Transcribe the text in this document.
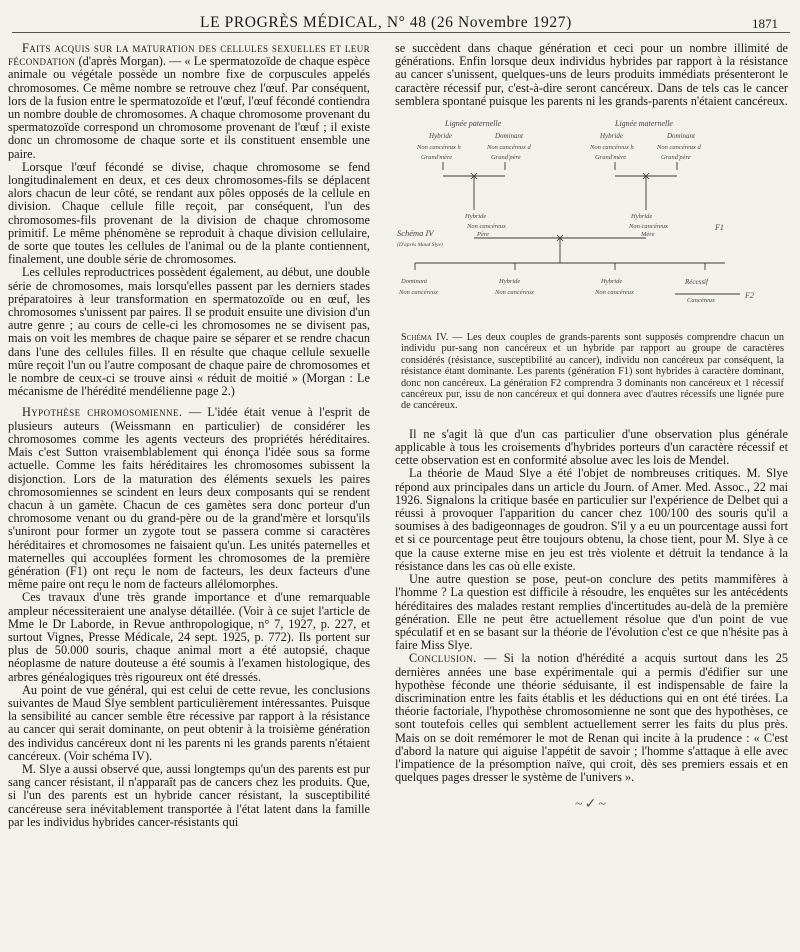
LE PROGRÈS MÉDICAL, N° 48 (26 Novembre 1927)	1871

Faits acquis sur la maturation des cellules sexuelles et leur fécondation (d'après Morgan). — « Le spermatozoïde de chaque espèce animale ou végétale possède un nombre fixe de corpuscules appelés chromosomes. Ce même nombre se retrouve chez l'œuf. Par conséquent, lors de la fusion entre le spermatozoïde et l'œuf, l'œuf fécondé contiendra un nombre double de chromosomes. A chaque chromosome provenant du spermatozoïde correspond un chromosome provenant de l'œuf ; il existe donc un chromosome de chaque sorte et ils constituent ensemble une paire.

Lorsque l'œuf fécondé se divise, chaque chromosome se fend longitudinalement en deux, et ces deux chromosomes-fils se déplacent alors chacun de leur côté, se rendant aux pôles opposés de la cellule en division. Chaque cellule fille reçoit, par conséquent, l'un des chromosomes-fils provenant de la division de chaque chromosome primitif. Le même phénomène se reproduit à chaque division cellulaire, de sorte que toutes les cellules de l'animal ou de la plante contiennent, finalement, une double série de chromosomes.

Les cellules reproductrices possèdent également, au début, une double série de chromosomes, mais lorsqu'elles passent par les derniers stades préparatoires à leur transformation en spermatozoïde ou en œuf, les chromosomes s'unissent par paires. Il se produit ensuite une division d'un autre genre ; au cours de celle-ci les chromosomes ne se divisent pas, mais on voit les membres de chaque paire se séparer et se rendre chacun dans l'une des cellules filles. Il en résulte que chaque cellule sexuelle mûre reçoit l'un ou l'autre composant de chaque paire de chromosomes et le nombre de ceux-ci se trouve ainsi « réduit de moitié » (Morgan : Le mécanisme de l'hérédité mendélienne page 2.)

Hypothèse chromosomienne. — L'idée était venue à l'esprit de plusieurs auteurs (Weissmann en particulier) de considérer les chromosomes comme les agents vecteurs des propriétés héréditaires. Mais c'est Sutton vraisemblablement qui énonça l'idée sous sa forme actuelle. Comme les faits héréditaires les chromosomes subissent la disjonction. Lors de la maturation des éléments sexuels les paires chromosomiennes se scindent en leurs deux composants qui se rendent chacun à un gamète. Chacun de ces gamètes sera donc porteur d'un chromosome venant ou du grand-père ou de la grand'mère et lorsqu'ils s'uniront pour former un zygote tout se passera comme si caractères héréditaires et chromosomes ne faisaient qu'un. Les unités paternelles et maternelles qui accouplées forment les chromosomes de la première génération (F1) ont reçu le nom de facteurs, les deux facteurs d'une même paire ont reçu le nom de facteurs allélomorphes.

Ces travaux d'une très grande importance et d'une remarquable ampleur nécessiteraient une analyse détaillée. (Voir à ce sujet l'article de Mme le Dr Laborde, in Revue anthropologique, n° 7, 1927, p. 227, et surtout Vignes, Presse Médicale, 24 sept. 1925, p. 772). Ils portent sur plus de 50.000 souris, chaque animal mort a été autopsié, chaque néoplasme de nature douteuse a été soumis à l'examen histologique, des arbres généalogiques très rigoureux ont été dressés.

Au point de vue général, qui est celui de cette revue, les conclusions suivantes de Maud Slye semblent particulièrement intéressantes. Puisque la sensibilité au cancer semble être récessive par rapport à la résistance au cancer qui serait dominante, on peut obtenir à la troisième génération des individus cancéreux dont ni les parents ni les grands parents n'étaient cancéreux. (Voir schéma IV).

M. Slye a aussi observé que, aussi longtemps qu'un des parents est pur sang cancer résistant, il n'apparaît pas de cancers chez les produits. Que, si l'un des parents est un hybride cancer résistant, la susceptibilité cancéreuse sera inévitablement transportée à l'état latent dans la famille par les individus hybrides cancer-résistants qui

se succèdent dans chaque génération et ceci pour un nombre illimité de générations. Enfin lorsque deux individus hybrides par rapport à la résistance au cancer s'unissent, quelques-uns de leurs produits immédiats présenteront le caractère récessif pur, c'est-à-dire seront cancéreux. Dans de tels cas le cancer semblera spontané puisque les parents ni les grands-parents n'étaient cancéreux.

Lignée paternelle	Lignée maternelle
Hybride	Dominant	Hybride	Dominant
Non cancéreux h	Non cancéreux d	Non cancéreux h	Non cancéreux d
Grand'mère	Grand'père	Grand'mère	Grand'père
Hybride
Non cancéreux
Père
Hybride
Non cancéreux
Mère
F1
Schéma IV
(D'après Maud Slye)
Dominant
Non cancéreux
Hybride
Non cancéreux
Hybride
Non cancéreux
Récessif
Cancéreux
F2
Schéma IV. — Les deux couples de grands-parents sont supposés comprendre chacun un individu pur-sang non cancéreux et un hybride par rapport au groupe de caractères considérés (résistance, susceptibilité au cancer), individu non cancéreux par conséquent, la résistance étant dominante. Les parents (génération F1) sont hybrides à caractère dominant, donc non cancéreux. La génération F2 comprendra 3 dominants non cancéreux et 1 récessif cancéreux pur, issu de non cancéreux et qui donnera avec d'autres récessifs une lignée pure de cancéreux.

Il ne s'agit là que d'un cas particulier d'une observation plus générale applicable à tous les croisements d'hybrides porteurs d'un caractère récessif et cette observation est en conformité absolue avec les lois de Mendel.

La théorie de Maud Slye a été l'objet de nombreuses critiques. M. Slye répond aux principales dans un article du Journ. of Amer. Med. Assoc., 22 mai 1926. Signalons la critique basée en particulier sur l'expérience de Delbet qui a réussi à provoquer l'apparition du cancer chez 100/100 des souris qu'il a soumises à des badigeonnages de goudron. S'il y a eu un pourcentage aussi fort et si ce pourcentage peut être toujours obtenu, la chose tient, pour M. Slye à ce que la cause externe mise en jeu est très violente et détruit la tendance à la résistance dans les cas où elle existe.

Une autre question se pose, peut-on conclure des petits mammifères à l'homme ? La question est difficile à résoudre, les enquêtes sur les antécédents héréditaires des malades restant remplies d'incertitudes au-delà de la première génération. Elle ne peut être actuellement résolue que d'un point de vue spéculatif et en se basant sur la théorie de l'évolution c'est ce que n'hésite pas à faire Miss Slye.

Conclusion. — Si la notion d'hérédité a acquis surtout dans les 25 dernières années une base expérimentale qui a permis d'édifier sur une hypothèse féconde une théorie séduisante, il est indispensable de faire la discrimination entre les faits établis et les déductions qui en ont été tirées. La théorie factoriale, l'hypothèse chromosomienne ne sont que des hypothèses, ce sont toutefois celles qui semblent actuellement serrer les faits du plus près. Mais on se doit remémorer le mot de Renan qui incite à la prudence : « C'est d'abord la nature qui aiguise l'appétit de savoir ; l'homme s'attaque à elle avec l'impatience de la présomption naïve, qui croit, dès ses premiers essais et en quelques pages dresser le système de l'univers ».

~✓~
